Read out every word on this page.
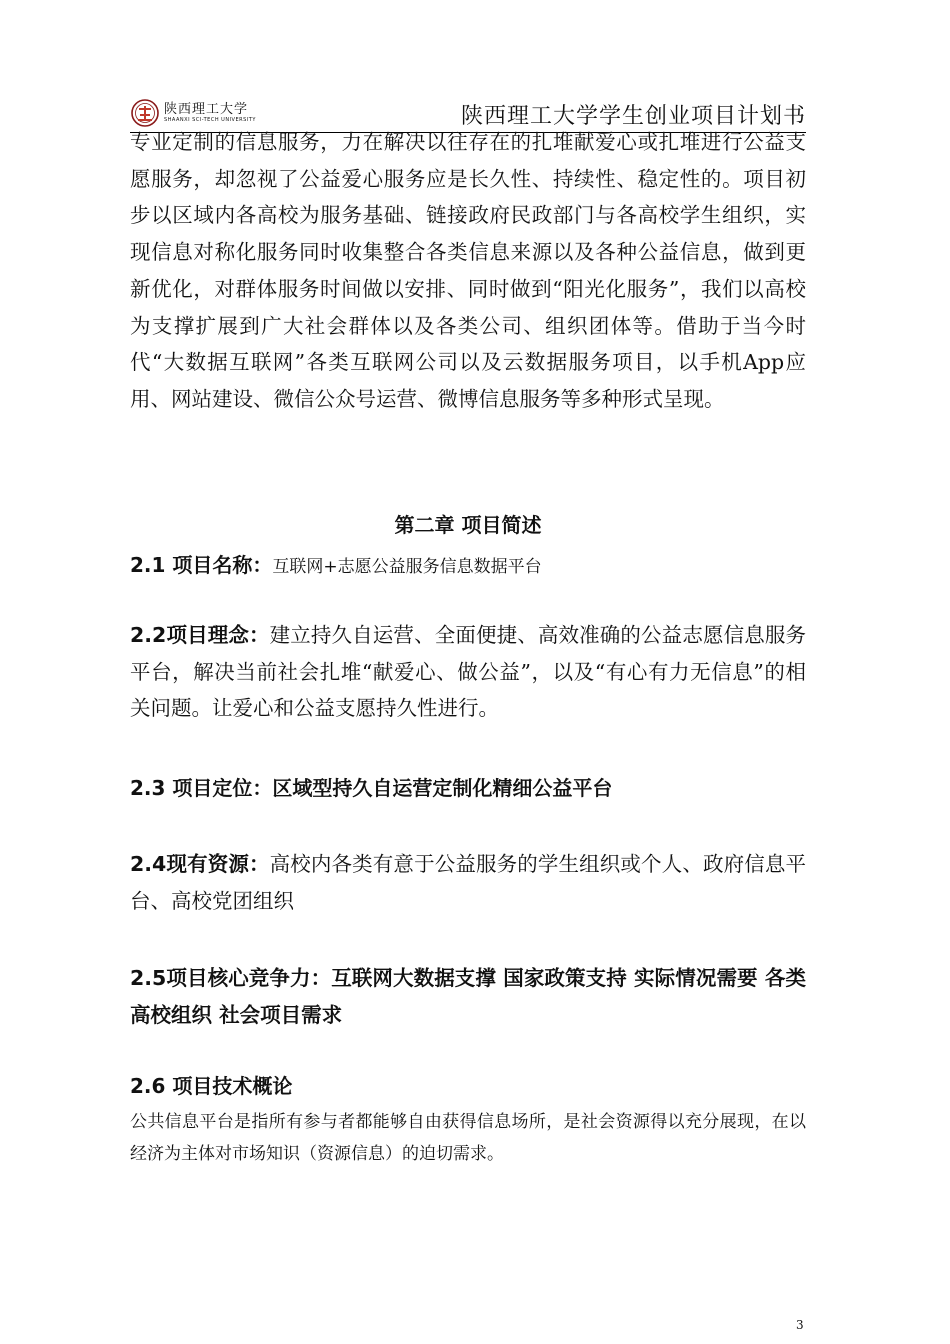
陕西理工大学
SHAANXI SCI-TECH UNIVERSITY	陕西理工大学学生创业项目计划书
专业定制的信息服务，力在解决以往存在的扎堆献爱心或扎堆进行公益支愿服务，却忽视了公益爱心服务应是长久性、持续性、稳定性的。项目初步以区域内各高校为服务基础、链接政府民政部门与各高校学生组织，实现信息对称化服务同时收集整合各类信息来源以及各种公益信息，做到更新优化，对群体服务时间做以安排、同时做到“阳光化服务”，我们以高校为支撑扩展到广大社会群体以及各类公司、组织团体等。借助于当今时代“大数据互联网”各类互联网公司以及云数据服务项目，以手机App应用、网站建设、微信公众号运营、微博信息服务等多种形式呈现。
第二章 项目简述
2.1 项目名称：互联网+志愿公益服务信息数据平台
2.2项目理念：建立持久自运营、全面便捷、高效准确的公益志愿信息服务平台，解决当前社会扎堆“献爱心、做公益”，以及“有心有力无信息”的相关问题。让爱心和公益支愿持久性进行。
2.3 项目定位：区域型持久自运营定制化精细公益平台
2.4现有资源：高校内各类有意于公益服务的学生组织或个人、政府信息平台、高校党团组织
2.5项目核心竞争力：互联网大数据支撑 国家政策支持 实际情况需要 各类高校组织 社会项目需求
2.6 项目技术概论
公共信息平台是指所有参与者都能够自由获得信息场所，是社会资源得以充分展现，在以经济为主体对市场知识（资源信息）的迫切需求。
3
